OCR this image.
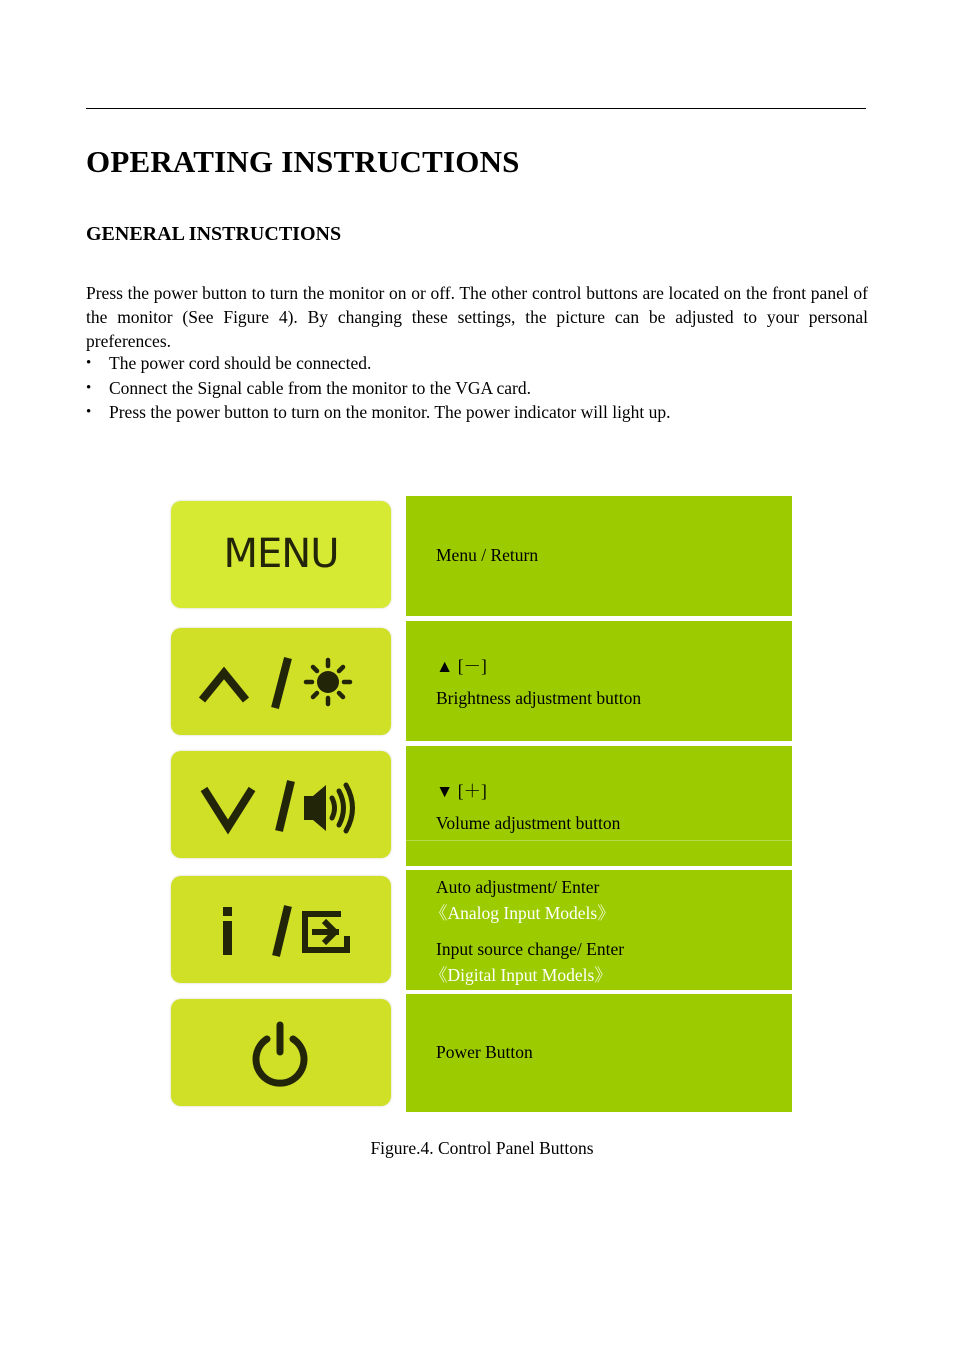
OPERATING INSTRUCTIONS
GENERAL INSTRUCTIONS

Press the power button to turn the monitor on or off. The other control buttons are located on the front panel of the monitor (See Figure 4). By changing these settings, the picture can be adjusted to your personal preferences.

• The power cord should be connected.
• Connect the Signal cable from the monitor to the VGA card.
• Press the power button to turn on the monitor. The power indicator will light up.
MENU	Menu / Return
▲ [－]
Brightness adjustment button
▼ [＋]
Volume adjustment button
Auto adjustment/ Enter
《Analog Input Models》
Input source change/ Enter
《Digital Input Models》
Power Button
Figure.4. Control Panel Buttons
